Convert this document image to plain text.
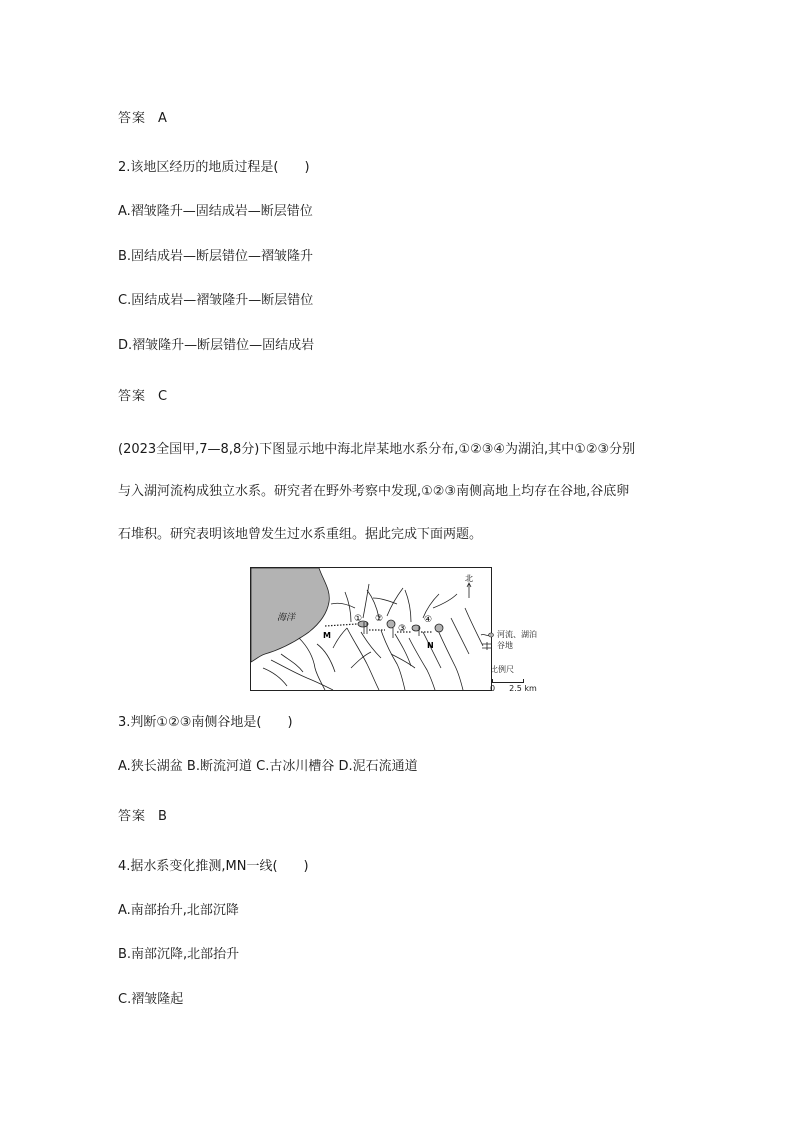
答案 A
2.该地区经历的地质过程是(　　)
A.褶皱隆升—固结成岩—断层错位
B.固结成岩—断层错位—褶皱隆升
C.固结成岩—褶皱隆升—断层错位
D.褶皱隆升—断层错位—固结成岩
答案 C
(2023全国甲,7—8,8分)下图显示地中海北岸某地水系分布,①②③④为湖泊,其中①②③分别
与入湖河流构成独立水系。研究者在野外考察中发现,①②③南侧高地上均存在谷地,谷底卵
石堆积。研究表明该地曾发生过水系重组。据此完成下面两题。
海洋	① ②
③
④
M
N
北
河流、湖泊
谷地
比例尺
0 2.5 km
3.判断①②③南侧谷地是(　　)
A.狭长湖盆 B.断流河道 C.古冰川槽谷 D.泥石流通道
答案 B
4.据水系变化推测,MN一线(　　)
A.南部抬升,北部沉降
B.南部沉降,北部抬升
C.褶皱隆起
